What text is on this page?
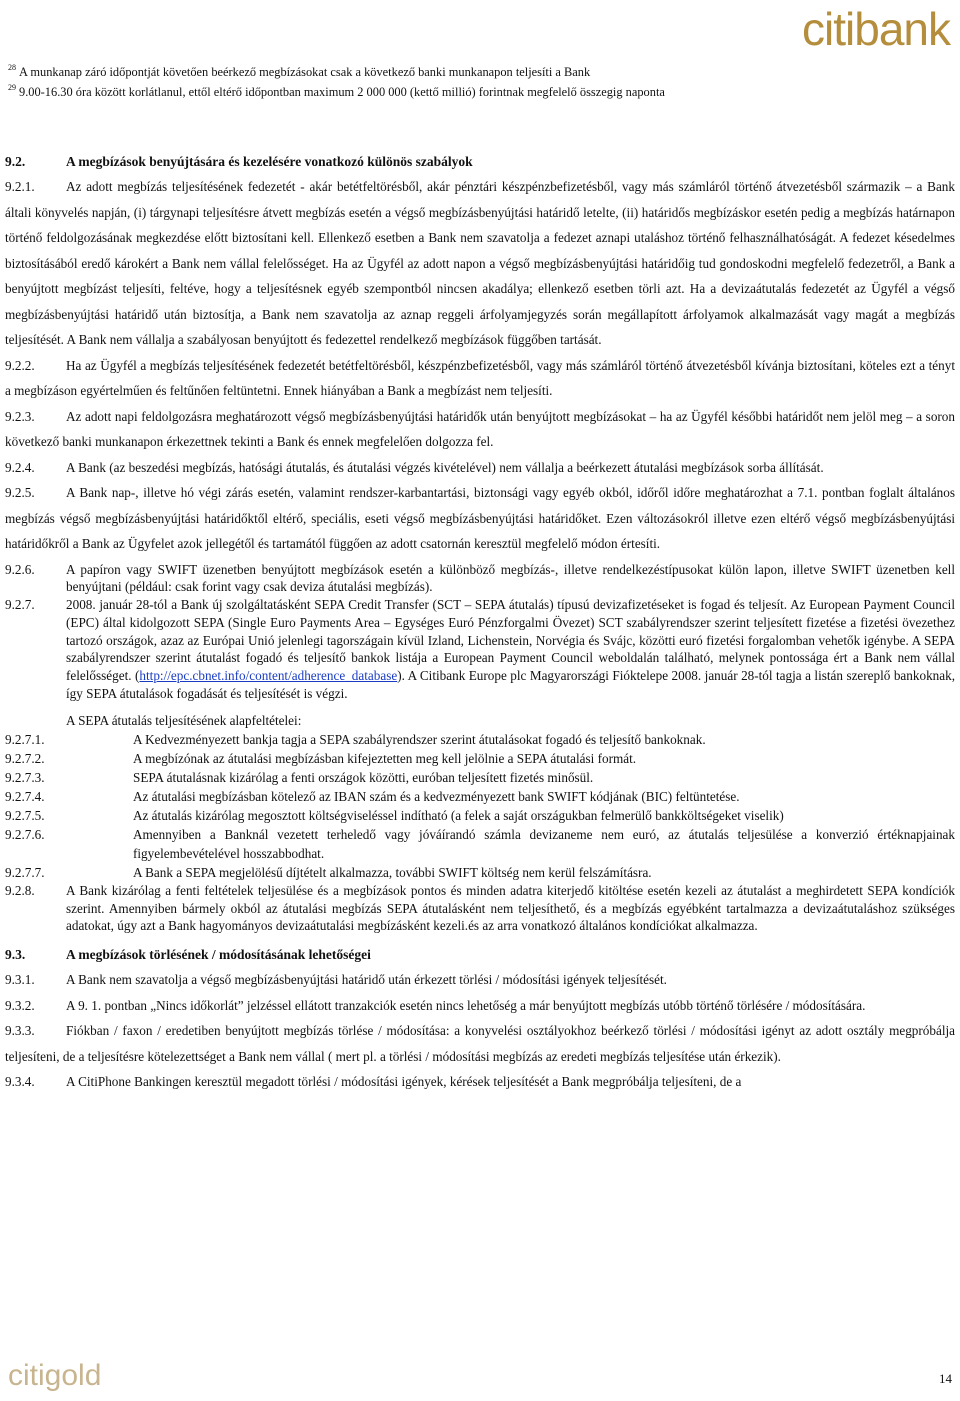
citibank
$^{28}$ A munkanap záró időpontját követően beérkező megbízásokat csak a következő banki munkanapon teljesíti a Bank
$^{29}$ 9.00-16.30 óra között korlátlanul, ettől eltérő időpontban maximum 2 000 000 (kettő millió) forintnak megfelelő összegig naponta
9.2.	A megbízások benyújtására és kezelésére vonatkozó különös szabályok

9.2.1. Az adott megbízás teljesítésének fedezetét - akár betétfeltörésből, akár pénztári készpénzbefizetésből, vagy más számláról történő átvezetésből származik – a Bank általi könyvelés napján, (i) tárgynapi teljesítésre átvett megbízás esetén a végső megbízásbenyújtási határidő letelte, (ii) határidős megbízáskor esetén pedig a megbízás határnapon történő feldolgozásának megkezdése előtt biztosítani kell. Ellenkező esetben a Bank nem szavatolja a fedezet aznapi utaláshoz történő felhasználhatóságát. A fedezet késedelmes biztosításából eredő károkért a Bank nem vállal felelősséget. Ha az Ügyfél az adott napon a végső megbízásbenyújtási határidőig tud gondoskodni megfelelő fedezetről, a Bank a benyújtott megbízást teljesíti, feltéve, hogy a teljesítésnek egyéb szempontból nincsen akadálya; ellenkező esetben törli azt. Ha a devizaátutalás fedezetét az Ügyfél a végső megbízásbenyújtási határidő után biztosítja, a Bank nem szavatolja az aznap reggeli árfolyamjegyzés során megállapított árfolyamok alkalmazását vagy magát a megbízás teljesítését. A Bank nem vállalja a szabályosan benyújtott és fedezettel rendelkező megbízások függőben tartását.

9.2.2. Ha az Ügyfél a megbízás teljesítésének fedezetét betétfeltörésből, készpénzbefizetésből, vagy más számláról történő átvezetésből kívánja biztosítani, köteles ezt a tényt a megbízáson egyértelműen és feltűnően feltüntetni. Ennek hiányában a Bank a megbízást nem teljesíti.

9.2.3. Az adott napi feldolgozásra meghatározott végső megbízásbenyújtási határidők után benyújtott megbízásokat – ha az Ügyfél későbbi határidőt nem jelöl meg – a soron következő banki munkanapon érkezettnek tekinti a Bank és ennek megfelelően dolgozza fel.

9.2.4. A Bank (az beszedési megbízás, hatósági átutalás, és átutalási végzés kivételével) nem vállalja a beérkezett átutalási megbízások sorba állítását.

9.2.5. A Bank nap-, illetve hó végi zárás esetén, valamint rendszer-karbantartási, biztonsági vagy egyéb okból, időről időre meghatározhat a 7.1. pontban foglalt általános megbízás végső megbízásbenyújtási határidőktől eltérő, speciális, eseti végső megbízásbenyújtási határidőket. Ezen változásokról illetve ezen eltérő végső megbízásbenyújtási határidőkről a Bank az Ügyfelet azok jellegétől és tartamától függően az adott csatornán keresztül megfelelő módon értesíti.

9.2.6.	A papíron vagy SWIFT üzenetben benyújtott megbízások esetén a különböző megbízás-, illetve rendelkezéstípusokat külön lapon, illetve SWIFT üzenetben kell benyújtani (például: csak forint vagy csak deviza átutalási megbízás).
9.2.7.	2008. január 28-tól a Bank új szolgáltatásként SEPA Credit Transfer (SCT – SEPA átutalás) típusú devizafizetéseket is fogad és teljesít. Az European Payment Council (EPC) által kidolgozott SEPA (Single Euro Payments Area – Egységes Euró Pénzforgalmi Övezet) SCT szabályrendszer szerint teljesített fizetése a fizetési övezethez tartozó országok, azaz az Európai Unió jelenlegi tagországain kívül Izland, Lichenstein, Norvégia és Svájc, közötti euró fizetési forgalomban vehetők igénybe. A SEPA szabályrendszer szerint átutalást fogadó és teljesítő bankok listája a European Payment Council weboldalán található, melynek pontossága ért a Bank nem vállal felelősséget. (http://epc.cbnet.info/content/adherence_database). A Citibank Europe plc Magyarországi Fióktelepe 2008. január 28-tól tagja a listán szereplő bankoknak, így SEPA átutalások fogadását és teljesítését is végzi.
A SEPA átutalás teljesítésének alapfeltételei:
9.2.7.1.	A Kedvezményezett bankja tagja a SEPA szabályrendszer szerint átutalásokat fogadó és teljesítő bankoknak.
9.2.7.2.	A megbízónak az átutalási megbízásban kifejeztetten meg kell jelölnie a SEPA átutalási formát.
9.2.7.3.	SEPA átutalásnak kizárólag a fenti országok közötti, euróban teljesített fizetés minősül.
9.2.7.4.	Az átutalási megbízásban kötelező az IBAN szám és a kedvezményezett bank SWIFT kódjának (BIC) feltüntetése.
9.2.7.5.	Az átutalás kizárólag megosztott költségviseléssel indítható (a felek a saját országukban felmerülő bankköltségeket viselik)
9.2.7.6.	Amennyiben a Banknál vezetett terheledő vagy jóváírandó számla devizaneme nem euró, az átutalás teljesülése a konverzió értéknapjainak figyelembevételével hosszabbodhat.
9.2.7.7.	A Bank a SEPA megjelölésű díjtételt alkalmazza, további SWIFT költség nem kerül felszámításra.
9.2.8.	A Bank kizárólag a fenti feltételek teljesülése és a megbízások pontos és minden adatra kiterjedő kitöltése esetén kezeli az átutalást a meghirdetett SEPA kondíciók szerint. Amennyiben bármely okból az átutalási megbízás SEPA átutalásként nem teljesíthető, és a megbízás egyébként tartalmazza a devizaátutaláshoz szükséges adatokat, úgy azt a Bank hagyományos devizaátutalási megbízásként kezeli.és az arra vonatkozó általános kondíciókat alkalmazza.
9.3.	A megbízások törlésének / módosításának lehetőségei

9.3.1. A Bank nem szavatolja a végső megbízásbenyújtási határidő után érkezett törlési / módosítási igények teljesítését.

9.3.2. A 9. 1. pontban „Nincs időkorlát” jelzéssel ellátott tranzakciók esetén nincs lehetőség a már benyújtott megbízás utóbb történő törlésére / módosítására.

9.3.3. Fiókban / faxon / eredetiben benyújtott megbízás törlése / módosítása: a konyvelési osztályokhoz beérkező törlési / módosítási igényt az adott osztály megpróbálja teljesíteni, de a teljesítésre kötelezettséget a Bank nem vállal ( mert pl. a törlési / módosítási megbízás az eredeti megbízás teljesítése után érkezik).

9.3.4. A CitiPhone Bankingen keresztül megadott törlési / módosítási igények, kérések teljesítését a Bank megpróbálja teljesíteni, de a

citigold	14
